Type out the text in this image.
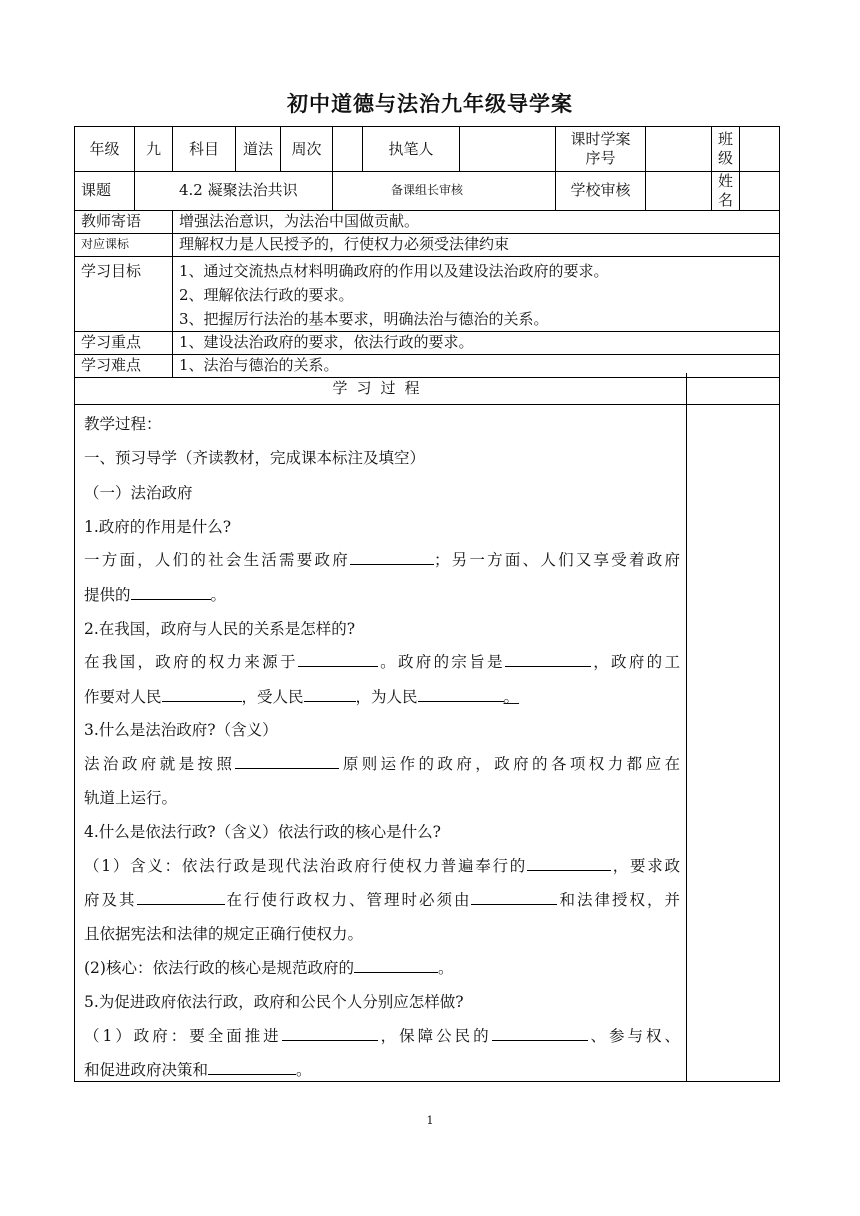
初中道德与法治九年级导学案
年级	九	科目	道法	周次		执笔人		课时学案序号		班级	
课题	4.2 凝聚法治共识				备课组长审核			学校审核		姓名	
教师寄语		增强法治意识，为法治中国做贡献。									
对应课标		理解权力是人民授予的，行使权力必须受法律约束									
学习目标		1、通过交流热点材料明确政府的作用以及建设法治政府的要求。
2、理解依法行政的要求。
3、把握厉行法治的基本要求，明确法治与德治的关系。									

学习重点		1、建设法治政府的要求，依法行政的要求。									
学习难点		1、法治与德治的关系。									
学习过程
教学过程：
一、预习导学（齐读教材，完成课本标注及填空）
（一）法治政府
1.政府的作用是什么?
一方面，人们的社会生活需要政府	；另一方面、人们又享受着政府
提供的	。
2.在我国，政府与人民的关系是怎样的?
在我国，政府的权力来源于	。政府的宗旨是	，政府的工
作要对人民	，受人民	，为人民	。
3.什么是法治政府?（含义）
法治政府就是按照	原则运作的政府，政府的各项权力都应在
轨道上运行。
4.什么是依法行政?（含义）依法行政的核心是什么?
（1）含义：依法行政是现代法治政府行使权力普遍奉行的	，要求政
府及其	在行使行政权力、管理时必须由	和法律授权，并
且依据宪法和法律的规定正确行使权力。
(2)核心：依法行政的核心是规范政府的	。
5.为促进政府依法行政，政府和公民个人分别应怎样做?
（1）政府：要全面推进	，保障公民的	、参与权、
和促进政府决策和	。
1
